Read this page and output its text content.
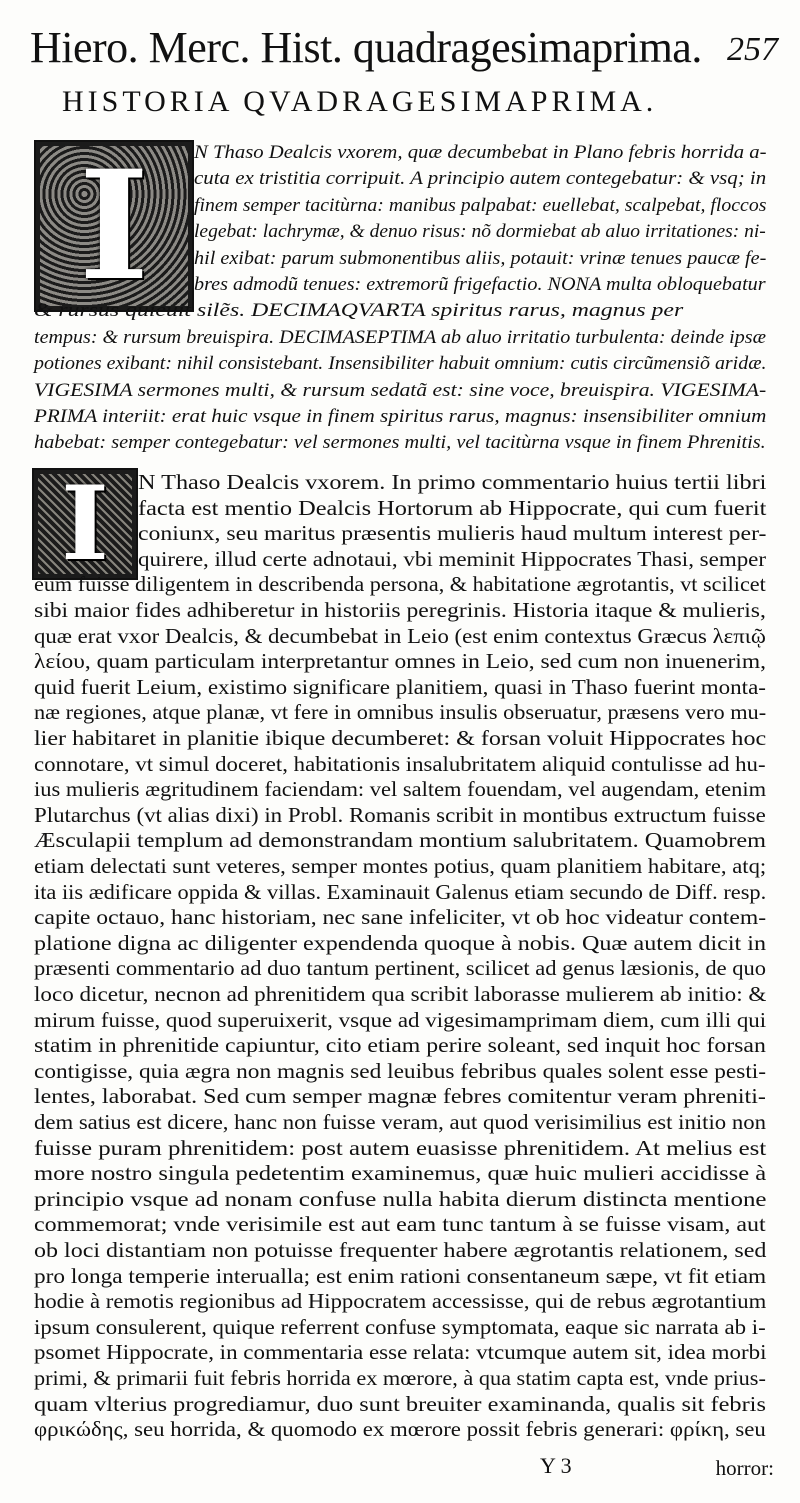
Hiero. Merc. Hist. quadragesimaprima. 257
HISTORIA QVADRAGESIMAPRIMA.
I	N Thaso Dealcis vxorem, quæ decumbebat in Plano febris horrida a-
cuta ex tristitia corripuit. A principio autem contegebatur: & vsq; in
finem semper tacitùrna: manibus palpabat: euellebat, scalpebat, floccos
legebat: lachrymæ, & denuo risus: nõ dormiebat ab aluo irritationes: ni-
hil exibat: parum submonentibus aliis, potauit: vrinæ tenues paucæ fe-
bres admodũ tenues: extremorũ frigefactio. NONA multa obloquebatur
& rursus quieuit silẽs. DECIMAQVARTA spiritus rarus, magnus per
tempus: & rursum breuispira. DECIMASEPTIMA ab aluo irritatio turbulenta: deinde ipsæ
potiones exibant: nihil consistebant. Insensibiliter habuit omnium: cutis circũmensiõ aridæ.
VIGESIMA sermones multi, & rursum sedatã est: sine voce, breuispira. VIGESIMA-
PRIMA interiit: erat huic vsque in finem spiritus rarus, magnus: insensibiliter omnium
habebat: semper contegebatur: vel sermones multi, vel tacitùrna vsque in finem Phrenitis.
I	N Thaso Dealcis vxorem. In primo commentario huius tertii libri
facta est mentio Dealcis Hortorum ab Hippocrate, qui cum fuerit
coniunx, seu maritus præsentis mulieris haud multum interest per-
quirere, illud certe adnotaui, vbi meminit Hippocrates Thasi, semper
eum fuisse diligentem in describenda persona, & habitatione ægrotantis, vt scilicet
sibi maior fides adhiberetur in historiis peregrinis. Historia itaque & mulieris,
quæ erat vxor Dealcis, & decumbebat in Leio (est enim contextus Græcus λεπιῷ
λείου, quam particulam interpretantur omnes in Leio, sed cum non inuenerim,
quid fuerit Leium, existimo significare planitiem, quasi in Thaso fuerint monta-
næ regiones, atque planæ, vt fere in omnibus insulis obseruatur, præsens vero mu-
lier habitaret in planitie ibique decumberet: & forsan voluit Hippocrates hoc
connotare, vt simul doceret, habitationis insalubritatem aliquid contulisse ad hu-
ius mulieris ægritudinem faciendam: vel saltem fouendam, vel augendam, etenim
Plutarchus (vt alias dixi) in Probl. Romanis scribit in montibus extructum fuisse
Æsculapii templum ad demonstrandam montium salubritatem. Quamobrem
etiam delectati sunt veteres, semper montes potius, quam planitiem habitare, atq;
ita iis ædificare oppida & villas. Examinauit Galenus etiam secundo de Diff. resp.
capite octauo, hanc historiam, nec sane infeliciter, vt ob hoc videatur contem-
platione digna ac diligenter expendenda quoque à nobis. Quæ autem dicit in
præsenti commentario ad duo tantum pertinent, scilicet ad genus læsionis, de quo
loco dicetur, necnon ad phrenitidem qua scribit laborasse mulierem ab initio: &
mirum fuisse, quod superuixerit, vsque ad vigesimamprimam diem, cum illi qui
statim in phrenitide capiuntur, cito etiam perire soleant, sed inquit hoc forsan
contigisse, quia ægra non magnis sed leuibus febribus quales solent esse pesti-
lentes, laborabat. Sed cum semper magnæ febres comitentur veram phreniti-
dem satius est dicere, hanc non fuisse veram, aut quod verisimilius est initio non
fuisse puram phrenitidem: post autem euasisse phrenitidem. At melius est
more nostro singula pedetentim examinemus, quæ huic mulieri accidisse à
principio vsque ad nonam confuse nulla habita dierum distincta mentione
commemorat; vnde verisimile est aut eam tunc tantum à se fuisse visam, aut
ob loci distantiam non potuisse frequenter habere ægrotantis relationem, sed
pro longa temperie interualla; est enim rationi consentaneum sæpe, vt fit etiam
hodie à remotis regionibus ad Hippocratem accessisse, qui de rebus ægrotantium
ipsum consulerent, quique referrent confuse symptomata, eaque sic narrata ab i-
psomet Hippocrate, in commentaria esse relata: vtcumque autem sit, idea morbi
primi, & primarii fuit febris horrida ex mœrore, à qua statim capta est, vnde prius-
quam vlterius progrediamur, duo sunt breuiter examinanda, qualis sit febris
φρικώδης, seu horrida, & quomodo ex mœrore possit febris generari: φρίκη, seu
Y 3	horror:
